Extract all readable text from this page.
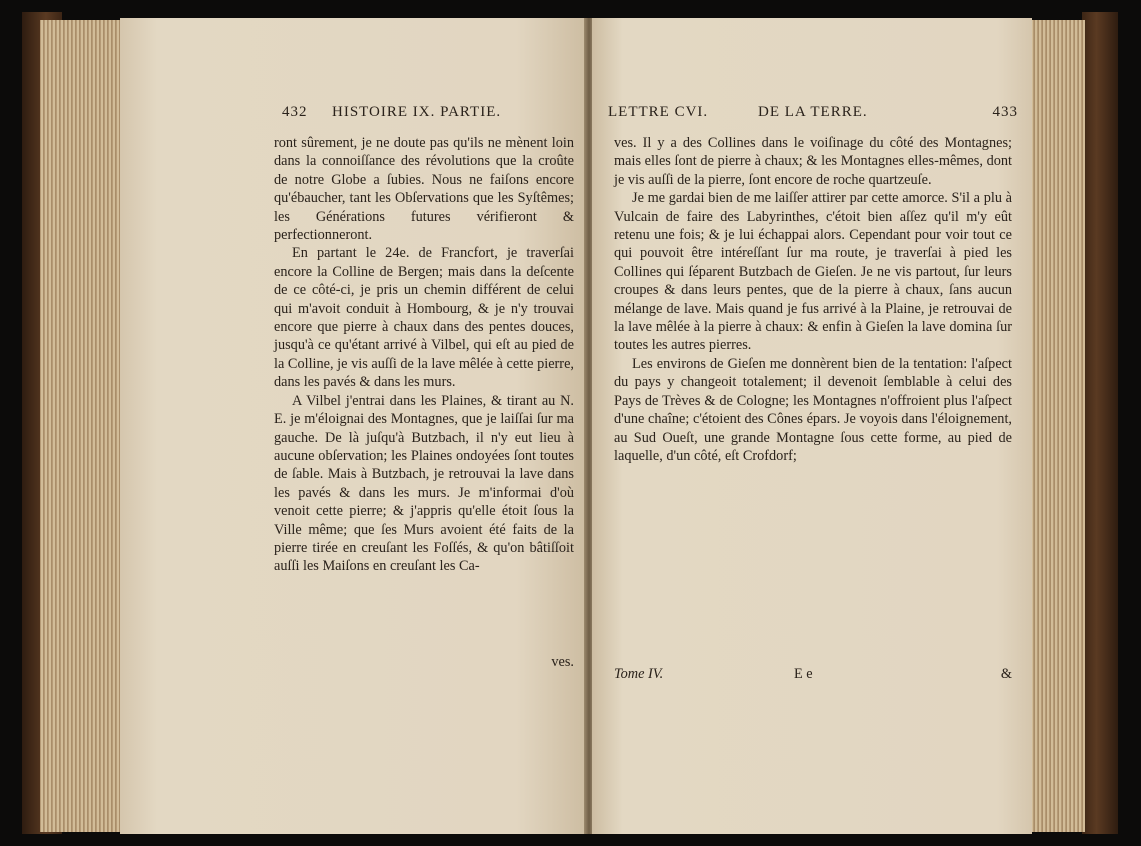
432 HISTOIRE IX. PARTIE.

ront sûrement, je ne doute pas qu'ils ne mènent loin dans la connoiſſance des révolutions que la croûte de notre Globe a ſubies. Nous ne faiſons encore qu'ébaucher, tant les Obſervations que les Syſtêmes; les Générations futures vérifieront & perfectionneront.

En partant le 24e. de Francfort, je traverſai encore la Colline de Bergen; mais dans la deſcente de ce côté-ci, je pris un chemin différent de celui qui m'avoit conduit à Hombourg, & je n'y trouvai encore que pierre à chaux dans des pentes douces, jusqu'à ce qu'étant arrivé à Vilbel, qui eſt au pied de la Colline, je vis auſſi de la lave mêlée à cette pierre, dans les pavés & dans les murs.

A Vilbel j'entrai dans les Plaines, & tirant au N. E. je m'éloignai des Montagnes, que je laiſſai ſur ma gauche. De là juſqu'à Butzbach, il n'y eut lieu à aucune obſervation; les Plaines ondoyées ſont toutes de ſable. Mais à Butzbach, je retrouvai la lave dans les pavés & dans les murs. Je m'informai d'où venoit cette pierre; & j'appris qu'elle étoit ſous la Ville même; que ſes Murs avoient été faits de la pierre tirée en creuſant les Foſſés, & qu'on bâtiſſoit auſſi les Maiſons en creuſant les Ca-

ves.
LETTRE CVI.	DE LA TERRE.	433

ves. Il y a des Collines dans le voiſinage du côté des Montagnes; mais elles ſont de pierre à chaux; & les Montagnes elles-mêmes, dont je vis auſſi de la pierre, ſont encore de roche quartzeuſe.

Je me gardai bien de me laiſſer attirer par cette amorce. S'il a plu à Vulcain de faire des Labyrinthes, c'étoit bien aſſez qu'il m'y eût retenu une fois; & je lui échappai alors. Cependant pour voir tout ce qui pouvoit être intéreſſant ſur ma route, je traverſai à pied les Collines qui ſéparent Butzbach de Gieſen. Je ne vis partout, ſur leurs croupes & dans leurs pentes, que de la pierre à chaux, ſans aucun mélange de lave. Mais quand je fus arrivé à la Plaine, je retrouvai de la lave mêlée à la pierre à chaux: & enfin à Gieſen la lave domina ſur toutes les autres pierres.

Les environs de Gieſen me donnèrent bien de la tentation: l'aſpect du pays y changeoit totalement; il devenoit ſemblable à celui des Pays de Trèves & de Cologne; les Montagnes n'offroient plus l'aſpect d'une chaîne; c'étoient des Cônes épars. Je voyois dans l'éloignement, au Sud Oueſt, une grande Montagne ſous cette forme, au pied de laquelle, d'un côté, eſt Crofdorf;

Tome IV.	E e	&
